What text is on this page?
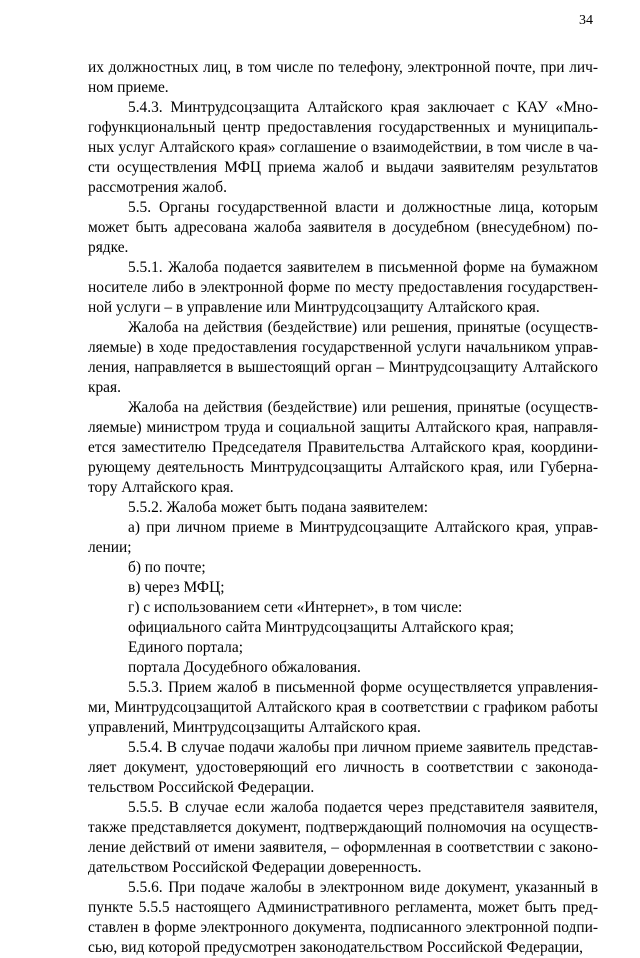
34

их должностных лиц, в том числе по телефону, электронной почте, при лич-
ном приеме.

5.4.3. Минтрудсоцзащита Алтайского края заключает с КАУ «Мно-
гофункциональный центр предоставления государственных и муниципаль-
ных услуг Алтайского края» соглашение о взаимодействии, в том числе в ча-
сти осуществления МФЦ приема жалоб и выдачи заявителям результатов
рассмотрения жалоб.

5.5. Органы государственной власти и должностные лица, которым
может быть адресована жалоба заявителя в досудебном (внесудебном) по-
рядке.

5.5.1. Жалоба подается заявителем в письменной форме на бумажном
носителе либо в электронной форме по месту предоставления государствен-
ной услуги – в управление или Минтрудсоцзащиту Алтайского края.

Жалоба на действия (бездействие) или решения, принятые (осуществ-
ляемые) в ходе предоставления государственной услуги начальником управ-
ления, направляется в вышестоящий орган – Минтрудсоцзащиту Алтайского
края.

Жалоба на действия (бездействие) или решения, принятые (осуществ-
ляемые) министром труда и социальной защиты Алтайского края, направля-
ется заместителю Председателя Правительства Алтайского края, координи-
рующему деятельность Минтрудсоцзащиты Алтайского края, или Губерна-
тору Алтайского края.

5.5.2. Жалоба может быть подана заявителем:

а) при личном приеме в Минтрудсоцзащите Алтайского края, управ-
лении;

б) по почте;

в) через МФЦ;

г) с использованием сети «Интернет», в том числе:

официального сайта Минтрудсоцзащиты Алтайского края;

Единого портала;

портала Досудебного обжалования.

5.5.3. Прием жалоб в письменной форме осуществляется управления-
ми, Минтрудсоцзащитой Алтайского края в соответствии с графиком работы
управлений, Минтрудсоцзащиты Алтайского края.

5.5.4. В случае подачи жалобы при личном приеме заявитель представ-
ляет документ, удостоверяющий его личность в соответствии с законода-
тельством Российской Федерации.

5.5.5. В случае если жалоба подается через представителя заявителя,
также представляется документ, подтверждающий полномочия на осуществ-
ление действий от имени заявителя, – оформленная в соответствии с законо-
дательством Российской Федерации доверенность.

5.5.6. При подаче жалобы в электронном виде документ, указанный в
пункте 5.5.5 настоящего Административного регламента, может быть пред-
ставлен в форме электронного документа, подписанного электронной подпи-
сью, вид которой предусмотрен законодательством Российской Федерации,
